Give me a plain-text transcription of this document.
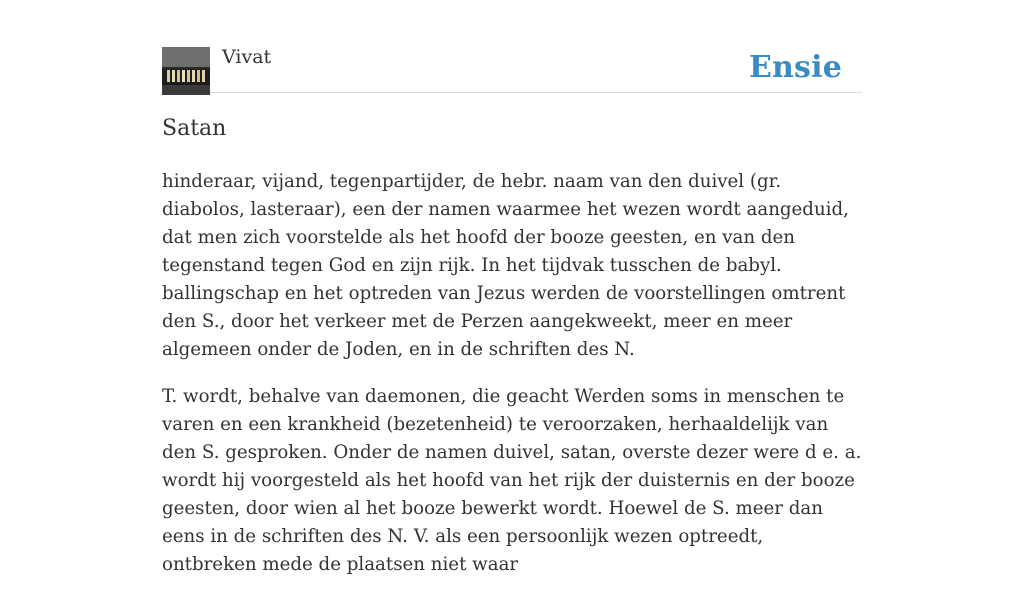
Vivat	Ensie
Satan

hinderaar, vijand, tegenpartijder, de hebr. naam van den duivel (gr. diabolos, lasteraar), een der namen waarmee het wezen wordt aangeduid, dat men zich voorstelde als het hoofd der booze geesten, en van den tegenstand tegen God en zijn rijk. In het tijdvak tusschen de babyl. ballingschap en het optreden van Jezus werden de voorstellingen omtrent den S., door het verkeer met de Perzen aangekweekt, meer en meer algemeen onder de Joden, en in de schriften des N.

T. wordt, behalve van daemonen, die geacht Werden soms in menschen te varen en een krankheid (bezetenheid) te veroorzaken, herhaaldelijk van den S. gesproken. Onder de namen duivel, satan, overste dezer were d e. a. wordt hij voorgesteld als het hoofd van het rijk der duisternis en der booze geesten, door wien al het booze bewerkt wordt. Hoewel de S. meer dan eens in de schriften des N. V. als een persoonlijk wezen optreedt, ontbreken mede de plaatsen niet waar
